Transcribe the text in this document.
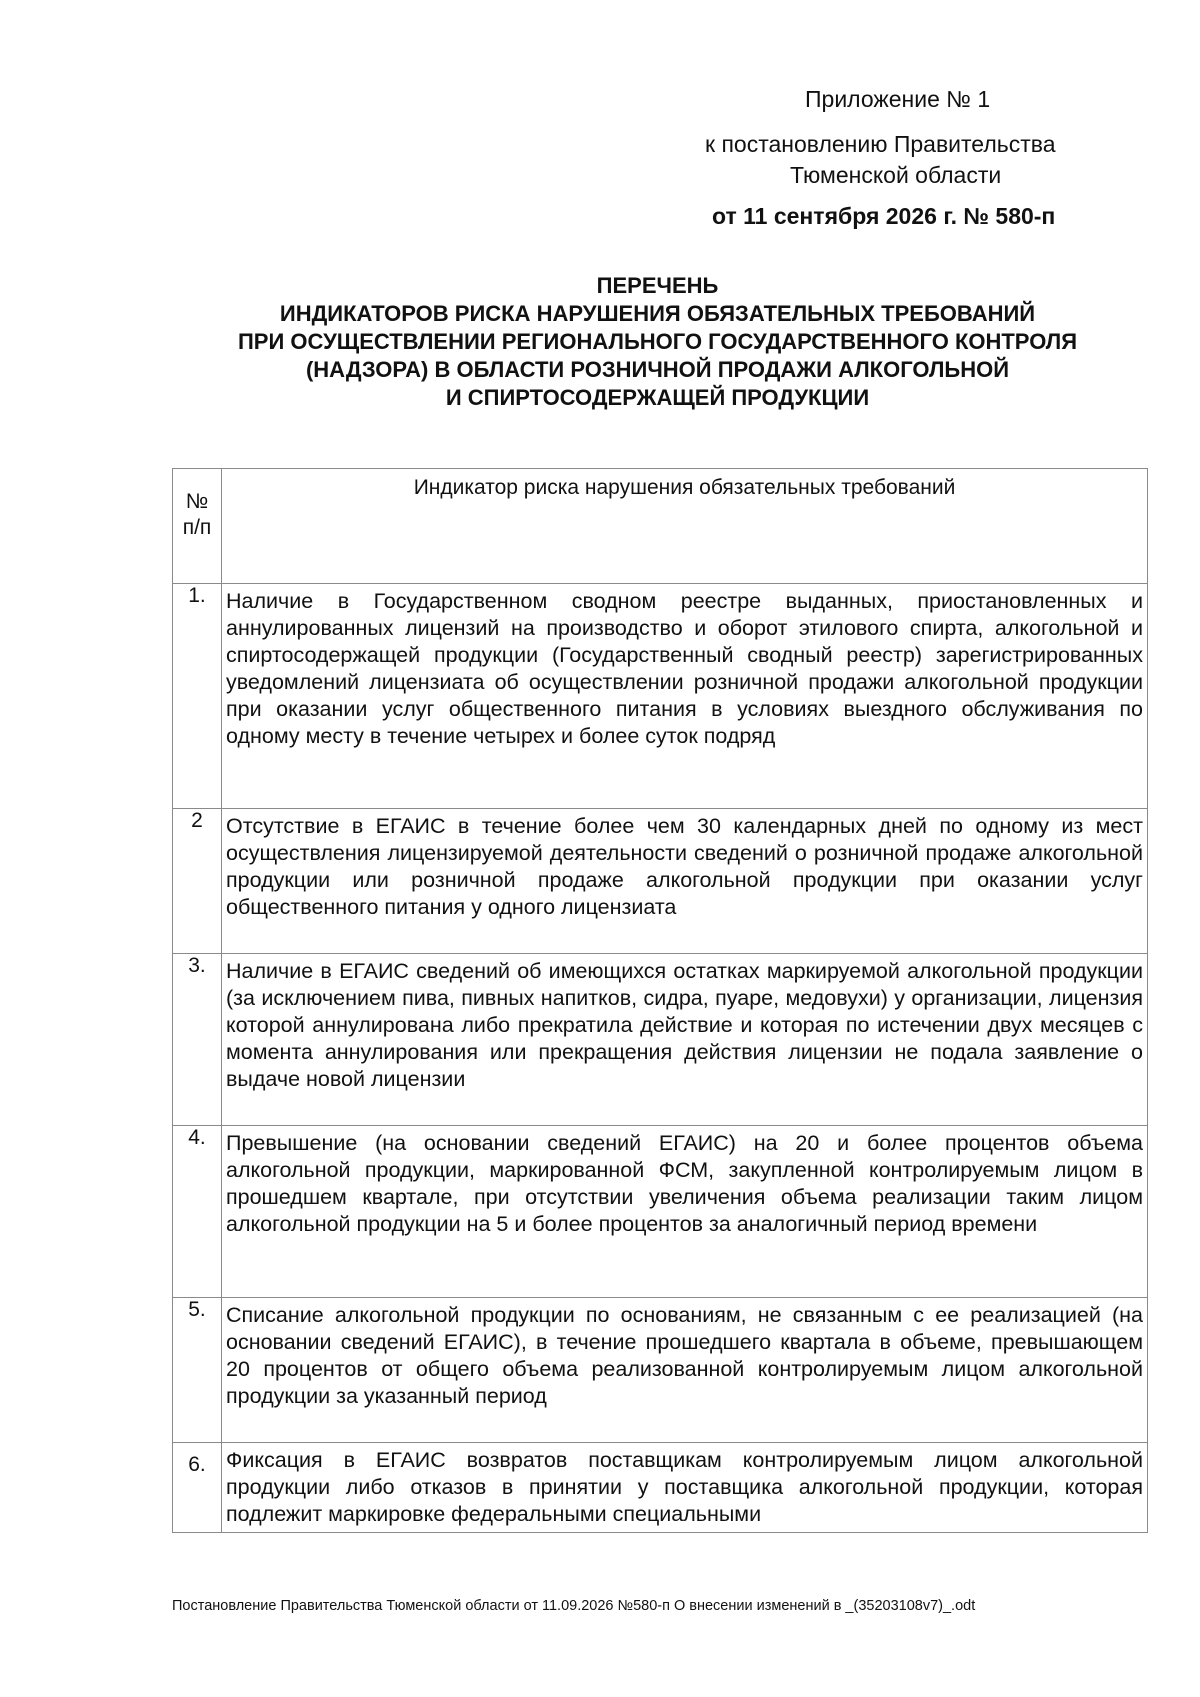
Приложение № 1
к постановлению Правительства
Тюменской области
от 11 сентября 2026 г. № 580-п
ПЕРЕЧЕНЬ
ИНДИКАТОРОВ РИСКА НАРУШЕНИЯ ОБЯЗАТЕЛЬНЫХ ТРЕБОВАНИЙ
ПРИ ОСУЩЕСТВЛЕНИИ РЕГИОНАЛЬНОГО ГОСУДАРСТВЕННОГО КОНТРОЛЯ
(НАДЗОРА) В ОБЛАСТИ РОЗНИЧНОЙ ПРОДАЖИ АЛКОГОЛЬНОЙ
И СПИРТОСОДЕРЖАЩЕЙ ПРОДУКЦИИ
№
п/п	Индикатор риска нарушения обязательных требований

1.	Наличие в Государственном сводном реестре выданных, приостановленных и аннулированных лицензий на производство и оборот этилового спирта, алкогольной и спиртосодержащей продукции (Государственный сводный реестр) зарегистрированных уведомлений лицензиата об осуществлении розничной продажи алкогольной продукции при оказании услуг общественного питания в условиях выездного обслуживания по одному месту в течение четырех и более суток подряд

2	Отсутствие в ЕГАИС в течение более чем 30 календарных дней по одному из мест осуществления лицензируемой деятельности сведений о розничной продаже алкогольной продукции или розничной продаже алкогольной продукции при оказании услуг общественного питания у одного лицензиата

3.	Наличие в ЕГАИС сведений об имеющихся остатках маркируемой алкогольной продукции (за исключением пива, пивных напитков, сидра, пуаре, медовухи) у организации, лицензия которой аннулирована либо прекратила действие и которая по истечении двух месяцев с момента аннулирования или прекращения действия лицензии не подала заявление о выдаче новой лицензии

4.	Превышение (на основании сведений ЕГАИС) на 20 и более процентов объема алкогольной продукции, маркированной ФСМ, закупленной контролируемым лицом в прошедшем квартале, при отсутствии увеличения объема реализации таким лицом алкогольной продукции на 5 и более процентов за аналогичный период времени

5.	Списание алкогольной продукции по основаниям, не связанным с ее реализацией (на основании сведений ЕГАИС), в течение прошедшего квартала в объеме, превышающем 20 процентов от общего объема реализованной контролируемым лицом алкогольной продукции за указанный период
6.	Фиксация в ЕГАИС возвратов поставщикам контролируемым лицом алкогольной продукции либо отказов в принятии у поставщика алкогольной продукции, которая подлежит маркировке федеральными специальными
Постановление Правительства Тюменской области от 11.09.2026 №580-п О внесении изменений в _(35203108v7)_.odt
